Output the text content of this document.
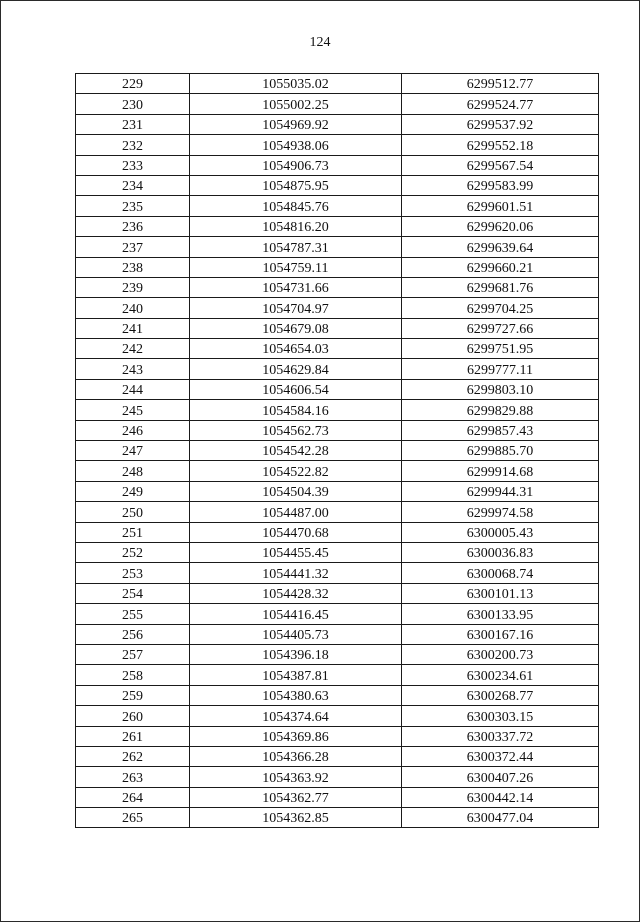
124
229	1055035.02	6299512.77
230	1055002.25	6299524.77
231	1054969.92	6299537.92
232	1054938.06	6299552.18
233	1054906.73	6299567.54
234	1054875.95	6299583.99
235	1054845.76	6299601.51
236	1054816.20	6299620.06
237	1054787.31	6299639.64
238	1054759.11	6299660.21
239	1054731.66	6299681.76
240	1054704.97	6299704.25
241	1054679.08	6299727.66
242	1054654.03	6299751.95
243	1054629.84	6299777.11
244	1054606.54	6299803.10
245	1054584.16	6299829.88
246	1054562.73	6299857.43
247	1054542.28	6299885.70
248	1054522.82	6299914.68
249	1054504.39	6299944.31
250	1054487.00	6299974.58
251	1054470.68	6300005.43
252	1054455.45	6300036.83
253	1054441.32	6300068.74
254	1054428.32	6300101.13
255	1054416.45	6300133.95
256	1054405.73	6300167.16
257	1054396.18	6300200.73
258	1054387.81	6300234.61
259	1054380.63	6300268.77
260	1054374.64	6300303.15
261	1054369.86	6300337.72
262	1054366.28	6300372.44
263	1054363.92	6300407.26
264	1054362.77	6300442.14
265	1054362.85	6300477.04
